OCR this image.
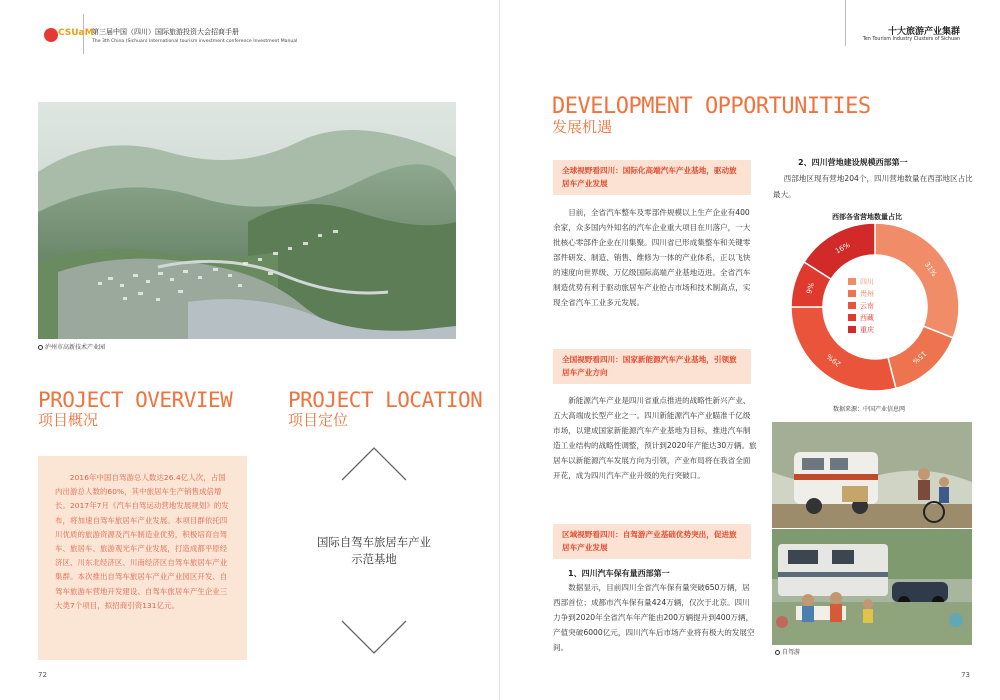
CSUaM
第三届中国（四川）国际旅游投资大会招商手册
The 3th China (Sichuan) International tourism investment conference Investment Manual
泸州市高新技术产业园
PROJECT OVERVIEW
项目概况

2016年中国自驾游总人数达26.4亿人次，占国内出游总人数的60%，其中旅居车生产销售成倍增长。2017年7月《汽车自驾运动营地发展规划》的发布，将加速自驾车旅居车产业发展。本项目群依托四川优质的旅游资源及汽车制造业优势，积极培育自驾车、旅居车、旅游观光车产业发展，打造成都平原经济区、川东北经济区、川南经济区自驾车旅居车产业集群。本次推出自驾车旅居车产业产业园区开发、自驾车旅游车营地开发建设、自驾车旅居车产生企业三大类7个项目，拟招商引资131亿元。

PROJECT LOCATION
项目定位
国际自驾车旅居车产业
示范基地
72
十大旅游产业集群
Ten Tourism Industry Clusters of Sichuan
DEVELOPMENT OPPORTUNITIES
发展机遇
全球视野看四川：国际化高端汽车产业基地，驱动旅居车产业发展

目前，全省汽车整车及零部件规模以上生产企业有400余家，众多国内外知名的汽车企业重大项目在川落户，一大批核心零部件企业在川集聚。四川省已形成集整车和关键零部件研发、制造、销售、维修为一体的产业体系，正以飞快的速度向世界级、万亿级国际高端产业基地迈进。全省汽车制造优势有利于驱动旅居车产业抢占市场和技术制高点，实现全省汽车工业多元发展。

全国视野看四川：国家新能源汽车产业基地，引领旅居车产业方向

新能源汽车产业是四川省重点推进的战略性新兴产业、五大高端成长型产业之一。四川新能源汽车产业瞄准千亿级市场，以建成国家新能源汽车产业基地为目标，推进汽车制造工业结构的战略性调整，预计到2020年产能达30万辆。旅居车以新能源汽车发展方向为引领，产业布局将在我省全面开花，成为四川汽车产业升级的先行突破口。

区域视野看四川：自驾游产业基础优势突出，促进旅居车产业发展
1、四川汽车保有量西部第一

数据显示，目前四川全省汽车保有量突破650万辆，居西部首位；成都市汽车保有量424万辆，仅次于北京。四川力争到2020年全省汽车年产能由200万辆提升到400万辆，产值突破6000亿元，四川汽车后市场产业将有极大的发展空间。

2、四川营地建设规模西部第一

西部地区现有营地204个，四川营地数量在西部地区占比最大。

西部各省营地数量占比
31%
15%
29%
9%
16%
四川
贵州
云南
西藏
重庆
数据来源：中国产业信息网
自驾游
73
